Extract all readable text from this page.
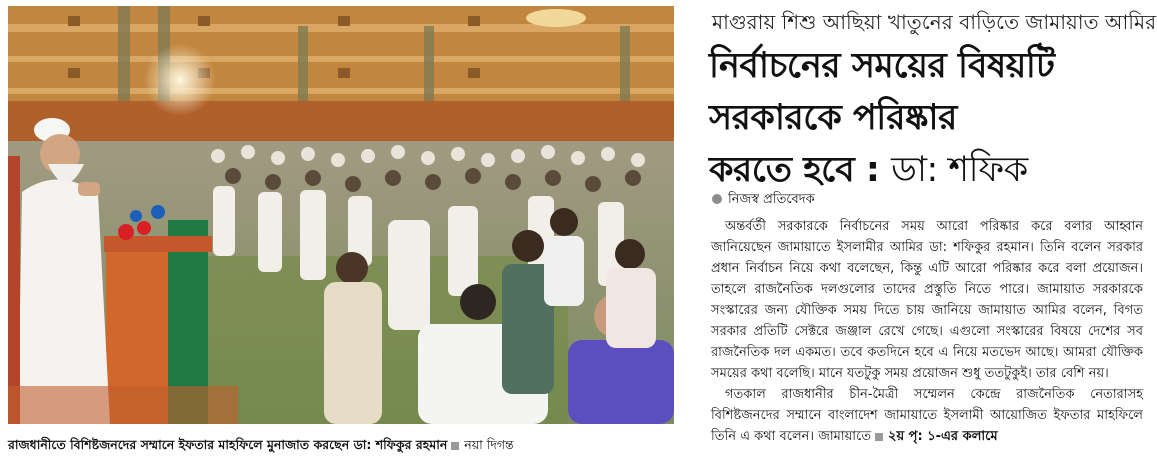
রাজধানীতে বিশিষ্টজনদের সম্মানে ইফতার মাহফিলে মুনাজাত করছেন ডা: শফিকুর রহমান নয়া দিগন্ত
মাগুরায় শিশু আছিয়া খাতুনের বাড়িতে জামায়াত আমির
নির্বাচনের সময়ের বিষয়টি
সরকারকে পরিষ্কার
করতে হবে : ডা: শফিক
নিজস্ব প্রতিবেদক

অন্তর্বর্তী সরকারকে নির্বাচনের সময় আরো পরিষ্কার করে বলার আহ্বান জানিয়েছেন জামায়াতে ইসলামীর আমির ডা: শফিকুর রহমান। তিনি বলেন সরকার প্রধান নির্বাচন নিয়ে কথা বলেছেন, কিন্তু এটি আরো পরিষ্কার করে বলা প্রয়োজন। তাহলে রাজনৈতিক দলগুলোর তাদের প্রস্তুতি নিতে পারে। জামায়াত সরকারকে সংস্কারের জন্য যৌক্তিক সময় দিতে চায় জানিয়ে জামায়াত আমির বলেন, বিগত সরকার প্রতিটি সেক্টরে জঞ্জাল রেখে গেছে। এগুলো সংস্কারের বিষয়ে দেশের সব রাজনৈতিক দল একমত। তবে কতদিনে হবে এ নিয়ে মতভেদ আছে। আমরা যৌক্তিক সময়ের কথা বলেছি। মানে যতটুকু সময় প্রয়োজন শুধু ততটুকুই। তার বেশি নয়।

গতকাল রাজধানীর চীন-মৈত্রী সম্মেলন কেন্দ্রে রাজনৈতিক নেতারাসহ বিশিষ্টজনদের সম্মানে বাংলাদেশ জামায়াতে ইসলামী আয়োজিত ইফতার মাহফিলে তিনি এ কথা বলেন। জামায়াতে ২য় পৃ: ১-এর কলামে
